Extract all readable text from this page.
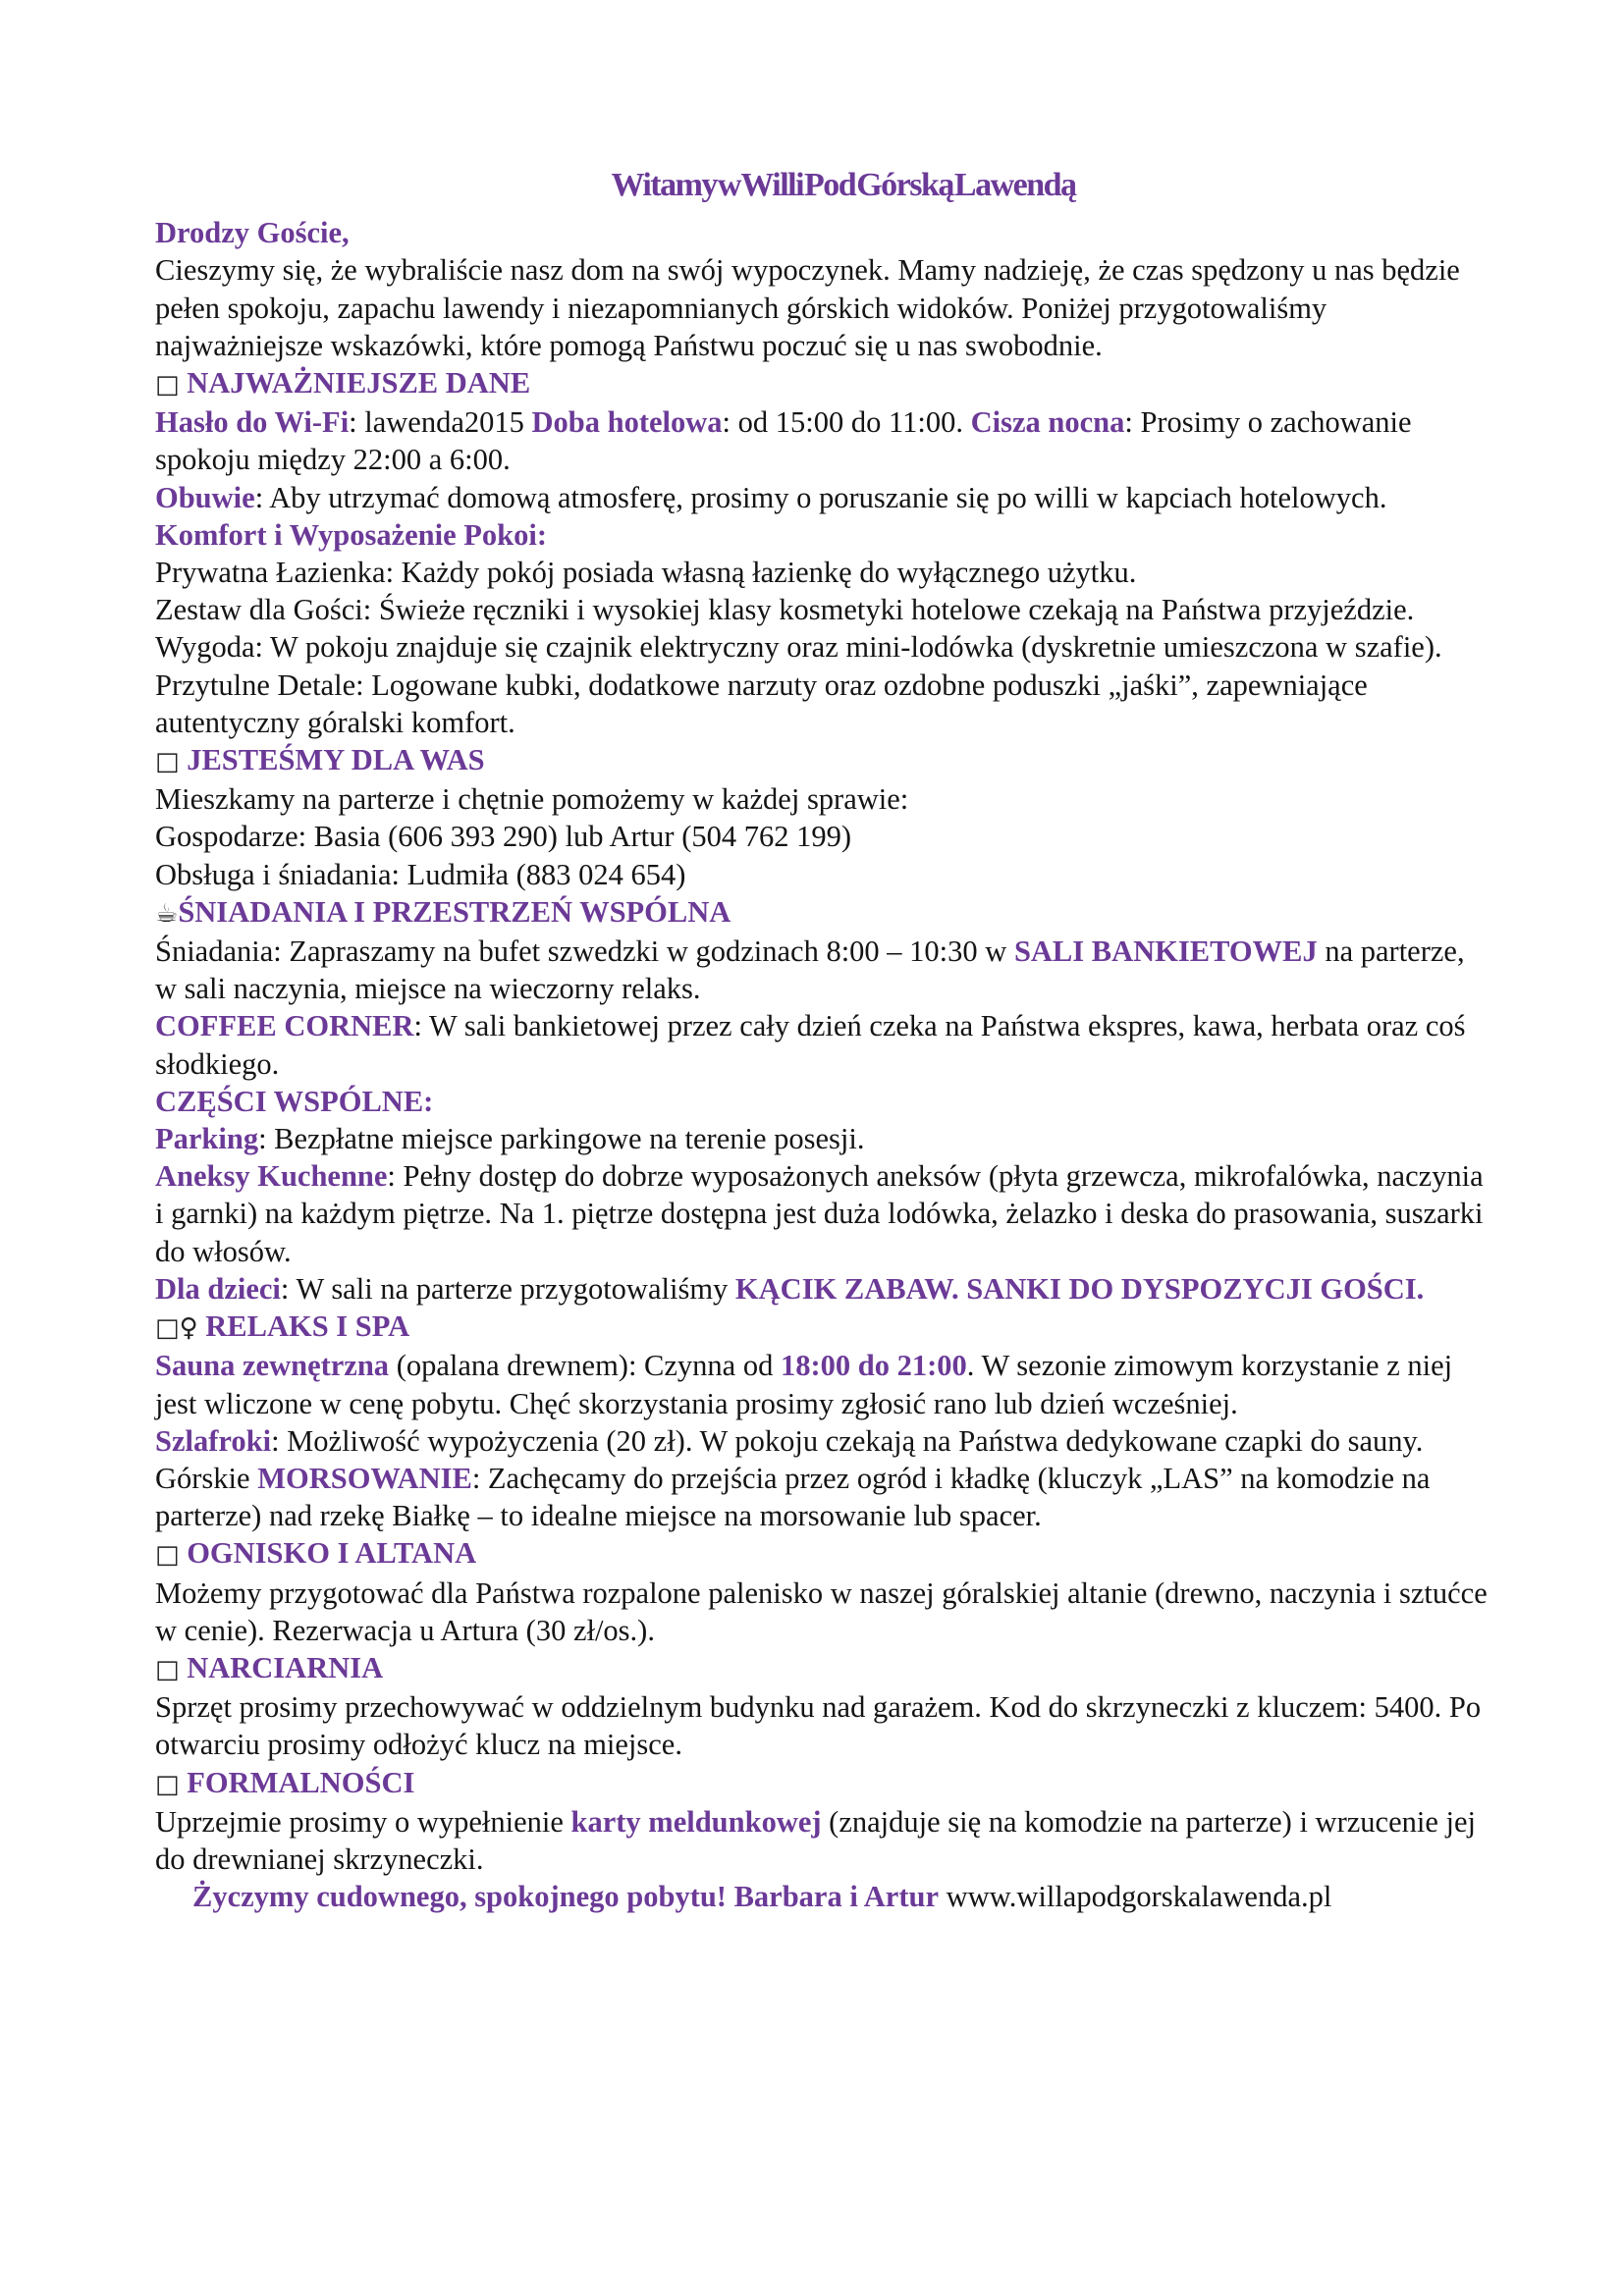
Witamy w Willi Pod Górską Lawendą

Drodzy Goście,

Cieszymy się, że wybraliście nasz dom na swój wypoczynek. Mamy nadzieję, że czas spędzony u nas będzie pełen spokoju, zapachu lawendy i niezapomnianych górskich widoków. Poniżej przygotowaliśmy najważniejsze wskazówki, które pomogą Państwu poczuć się u nas swobodnie.

□ NAJWAŻNIEJSZE DANE

Hasło do Wi-Fi: lawenda2015 Doba hotelowa: od 15:00 do 11:00. Cisza nocna: Prosimy o zachowanie spokoju między 22:00 a 6:00.

Obuwie: Aby utrzymać domową atmosferę, prosimy o poruszanie się po willi w kapciach hotelowych.

Komfort i Wyposażenie Pokoi:

Prywatna Łazienka: Każdy pokój posiada własną łazienkę do wyłącznego użytku.

Zestaw dla Gości: Świeże ręczniki i wysokiej klasy kosmetyki hotelowe czekają na Państwa przyjeździe.

Wygoda: W pokoju znajduje się czajnik elektryczny oraz mini-lodówka (dyskretnie umieszczona w szafie).

Przytulne Detale: Logowane kubki, dodatkowe narzuty oraz ozdobne poduszki „jaśki”, zapewniające autentyczny góralski komfort.

□ JESTEŚMY DLA WAS

Mieszkamy na parterze i chętnie pomożemy w każdej sprawie:

Gospodarze: Basia (606 393 290) lub Artur (504 762 199)

Obsługa i śniadania: Ludmiła (883 024 654)

☕ŚNIADANIA I PRZESTRZEŃ WSPÓLNA

Śniadania: Zapraszamy na bufet szwedzki w godzinach 8:00 – 10:30 w SALI BANKIETOWEJ na parterze, w sali naczynia, miejsce na wieczorny relaks.

COFFEE CORNER: W sali bankietowej przez cały dzień czeka na Państwa ekspres, kawa, herbata oraz coś słodkiego.

CZĘŚCI WSPÓLNE:

Parking: Bezpłatne miejsce parkingowe na terenie posesji.

Aneksy Kuchenne: Pełny dostęp do dobrze wyposażonych aneksów (płyta grzewcza, mikrofalówka, naczynia i garnki) na każdym piętrze. Na 1. piętrze dostępna jest duża lodówka, żelazko i deska do prasowania, suszarki do włosów.

Dla dzieci: W sali na parterze przygotowaliśmy KĄCIK ZABAW. SANKI DO DYSPOZYCJI GOŚCI.

□♀ RELAKS I SPA

Sauna zewnętrzna (opalana drewnem): Czynna od 18:00 do 21:00. W sezonie zimowym korzystanie z niej jest wliczone w cenę pobytu. Chęć skorzystania prosimy zgłosić rano lub dzień wcześniej.

Szlafroki: Możliwość wypożyczenia (20 zł). W pokoju czekają na Państwa dedykowane czapki do sauny. Górskie MORSOWANIE: Zachęcamy do przejścia przez ogród i kładkę (kluczyk „LAS” na komodzie na parterze) nad rzekę Białkę – to idealne miejsce na morsowanie lub spacer.

□ OGNISKO I ALTANA

Możemy przygotować dla Państwa rozpalone palenisko w naszej góralskiej altanie (drewno, naczynia i sztućce w cenie). Rezerwacja u Artura (30 zł/os.).

□ NARCIARNIA

Sprzęt prosimy przechowywać w oddzielnym budynku nad garażem. Kod do skrzyneczki z kluczem: 5400. Po otwarciu prosimy odłożyć klucz na miejsce.

□ FORMALNOŚCI

Uprzejmie prosimy o wypełnienie karty meldunkowej (znajduje się na komodzie na parterze) i wrzucenie jej do drewnianej skrzyneczki.

Życzymy cudownego, spokojnego pobytu! Barbara i Artur www.willapodgorskalawenda.pl
